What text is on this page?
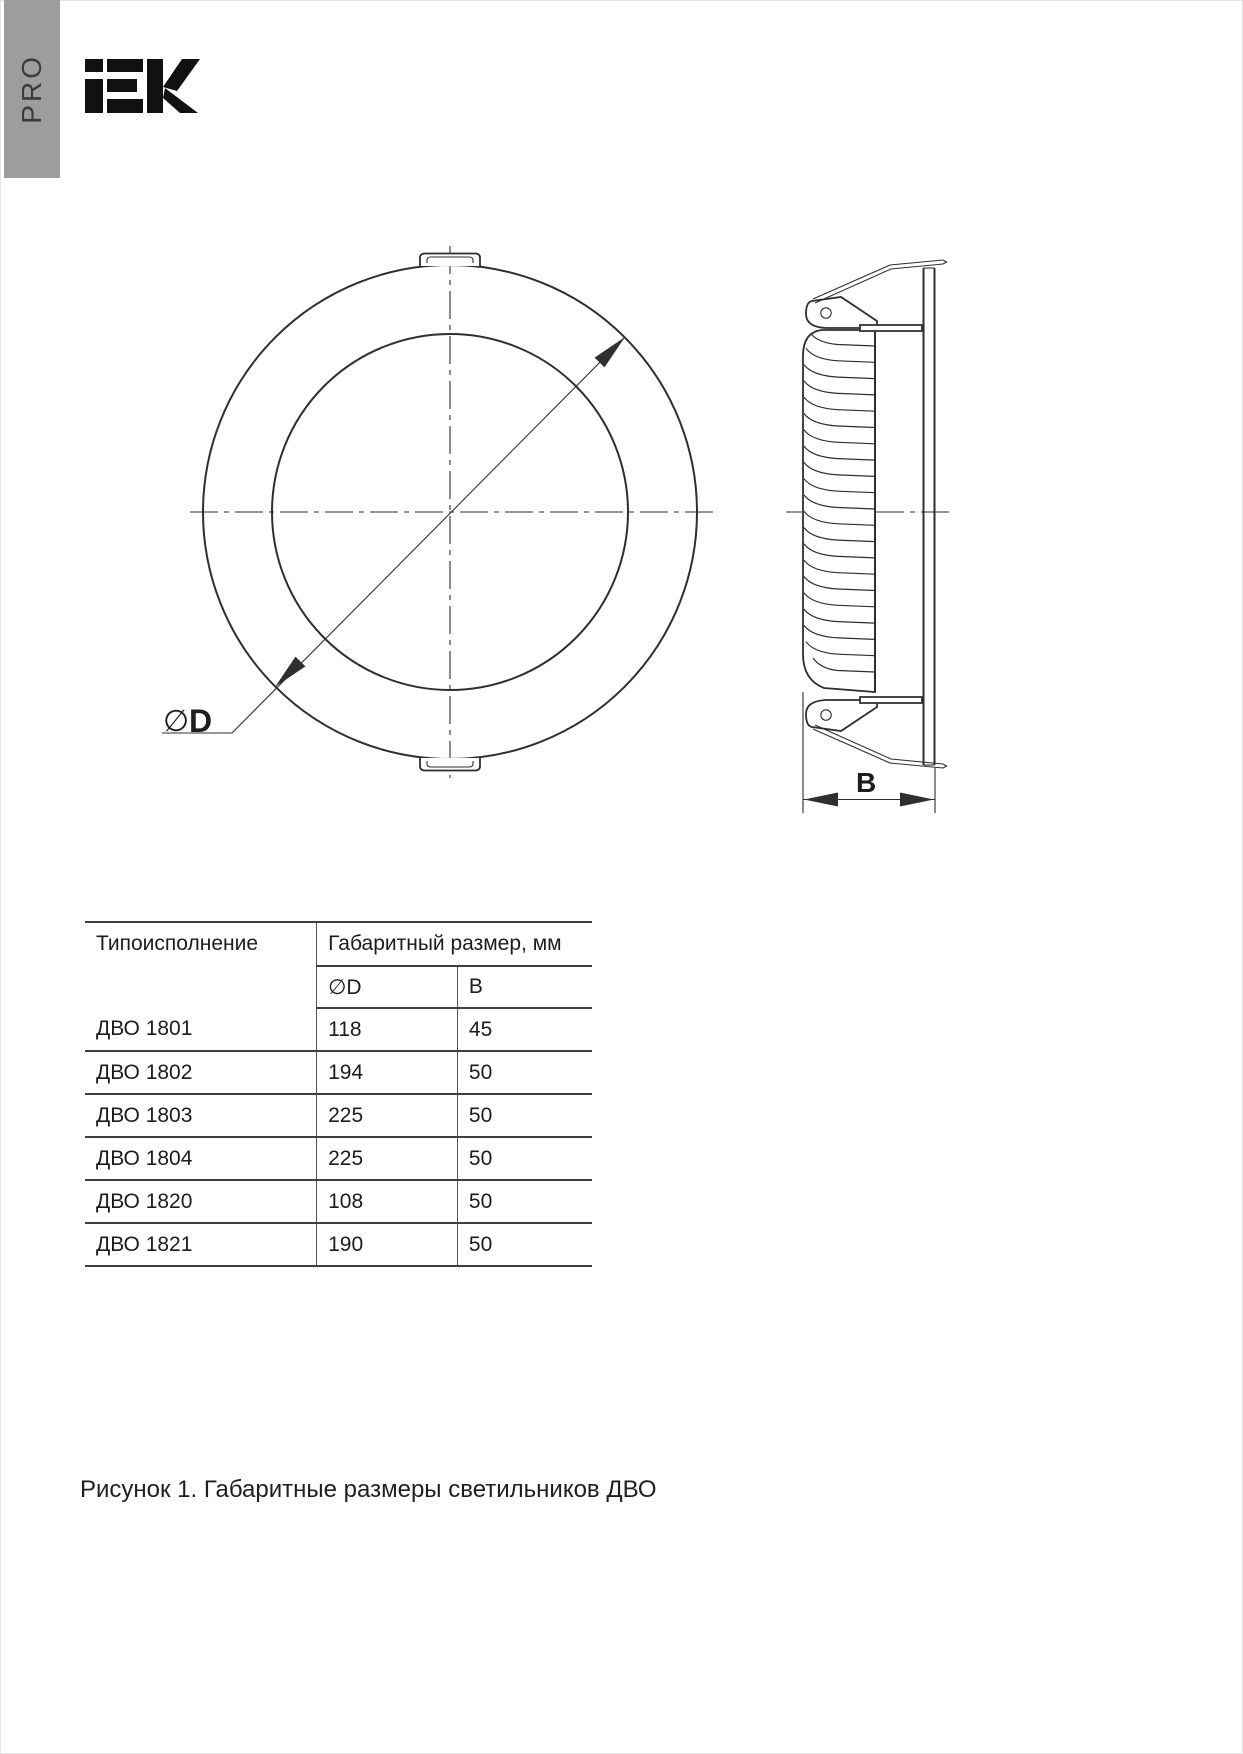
PRO
∅ D
B
Типоисполнение	Габаритный размер, мм	
	∅D	B
ДВО 1801	118	45
ДВО 1802	194	50
ДВО 1803	225	50
ДВО 1804	225	50
ДВО 1820	108	50
ДВО 1821	190	50
Рисунок 1. Габаритные размеры светильников ДВО
